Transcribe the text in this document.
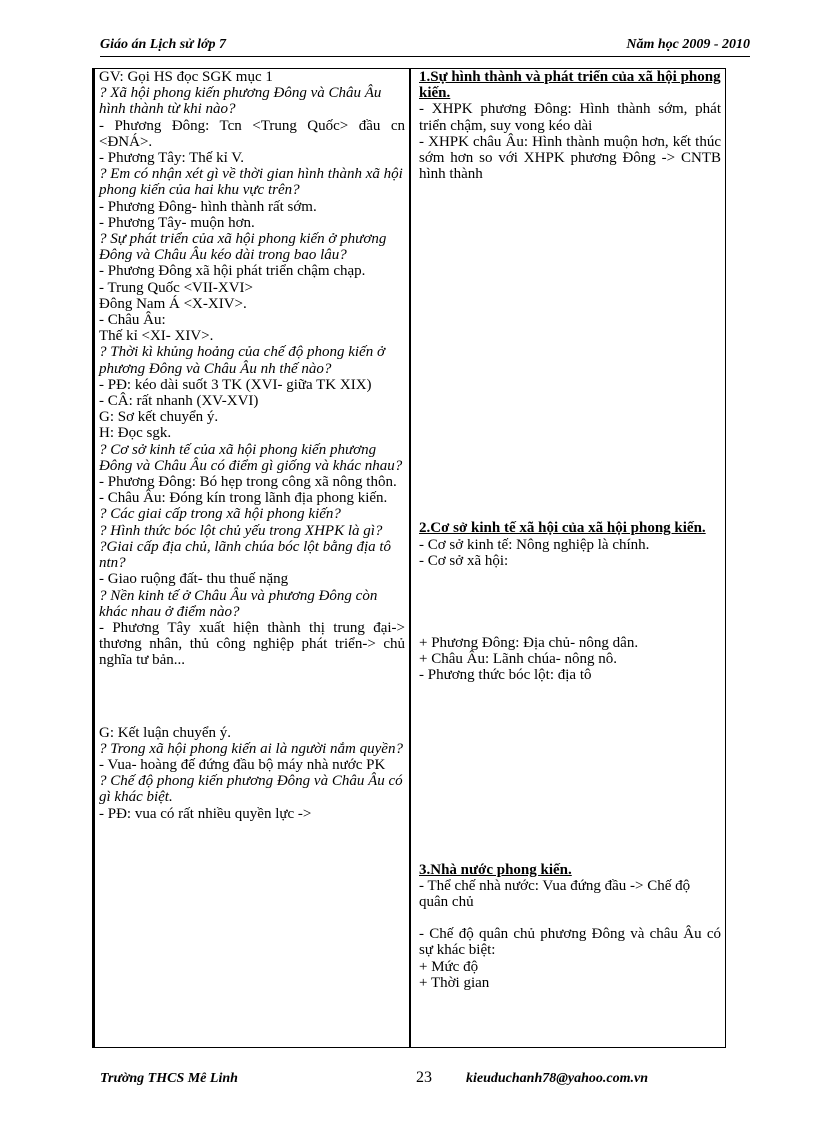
Giáo án Lịch sử lớp 7	Năm học 2009 - 2010

GV: Gọi HS đọc SGK mục 1

? Xã hội phong kiến phương Đông và Châu Âu hình thành từ khi nào?

- Phương Đông: Tcn <Trung Quốc> đầu cn <ĐNÁ>.

- Phương Tây: Thế kỉ V.

? Em có nhận xét gì về thời gian hình thành xã hội phong kiến của hai khu vực trên?

- Phương Đông- hình thành rất sớm.

- Phương Tây- muộn hơn.

? Sự phát triển của xã hội phong kiến ở phương Đông và Châu Âu kéo dài trong bao lâu?

- Phương Đông xã hội phát triển chậm chạp.

- Trung Quốc <VII-XVI>

Đông Nam Á <X-XIV>.

- Châu Âu:

Thế kỉ <XI- XIV>.

? Thời kì khủng hoảng của chế độ phong kiến ở phương Đông và Châu Âu nh thế nào?

- PĐ: kéo dài suốt 3 TK (XVI- giữa TK XIX)

- CÂ: rất nhanh (XV-XVI)

G: Sơ kết chuyển ý.

H: Đọc sgk.

? Cơ sở kinh tế của xã hội phong kiến phương Đông và Châu Âu có điểm gì giống và khác nhau?

- Phương Đông: Bó hẹp trong công xã nông thôn.

- Châu Âu: Đóng kín trong lãnh địa phong kiến.

? Các giai cấp trong xã hội phong kiến?

? Hình thức bóc lột chủ yếu trong XHPK là gì?

?Giai cấp địa chủ, lãnh chúa bóc lột bằng địa tô ntn?

- Giao ruộng đất- thu thuế nặng

? Nền kinh tế ở Châu Âu và phương Đông còn khác nhau ở điểm nào?

- Phương Tây xuất hiện thành thị trung đại-> thương nhân, thủ công nghiệp phát triển-> chủ nghĩa tư bản...

G: Kết luận chuyển ý.

? Trong xã hội phong kiến ai là người nắm quyền?

- Vua- hoàng đế đứng đầu bộ máy nhà nước PK

? Chế độ phong kiến phương Đông và Châu Âu có gì khác biệt.

- PĐ: vua có rất nhiều quyền lực ->

1.Sự hình thành và phát triển của xã hội phong kiến.

- XHPK phương Đông: Hình thành sớm, phát triển chậm, suy vong kéo dài

- XHPK châu Âu: Hình thành muộn hơn, kết thúc sớm hơn so với XHPK phương Đông -> CNTB hình thành

2.Cơ sở kinh tế xã hội của xã hội phong kiến.

- Cơ sở kinh tế: Nông nghiệp là chính.

- Cơ sở xã hội:

+ Phương Đông: Địa chủ- nông dân.

+ Châu Âu: Lãnh chúa- nông nô.

- Phương thức bóc lột: địa tô

3.Nhà nước phong kiến.

- Thể chế nhà nước: Vua đứng đầu -> Chế độ quân chủ

- Chế độ quân chủ phương Đông và châu Âu có sự khác biệt:

+ Mức độ

+ Thời gian

Trường THCS Mê Linh	23 kieuduchanh78@yahoo.com.vn
